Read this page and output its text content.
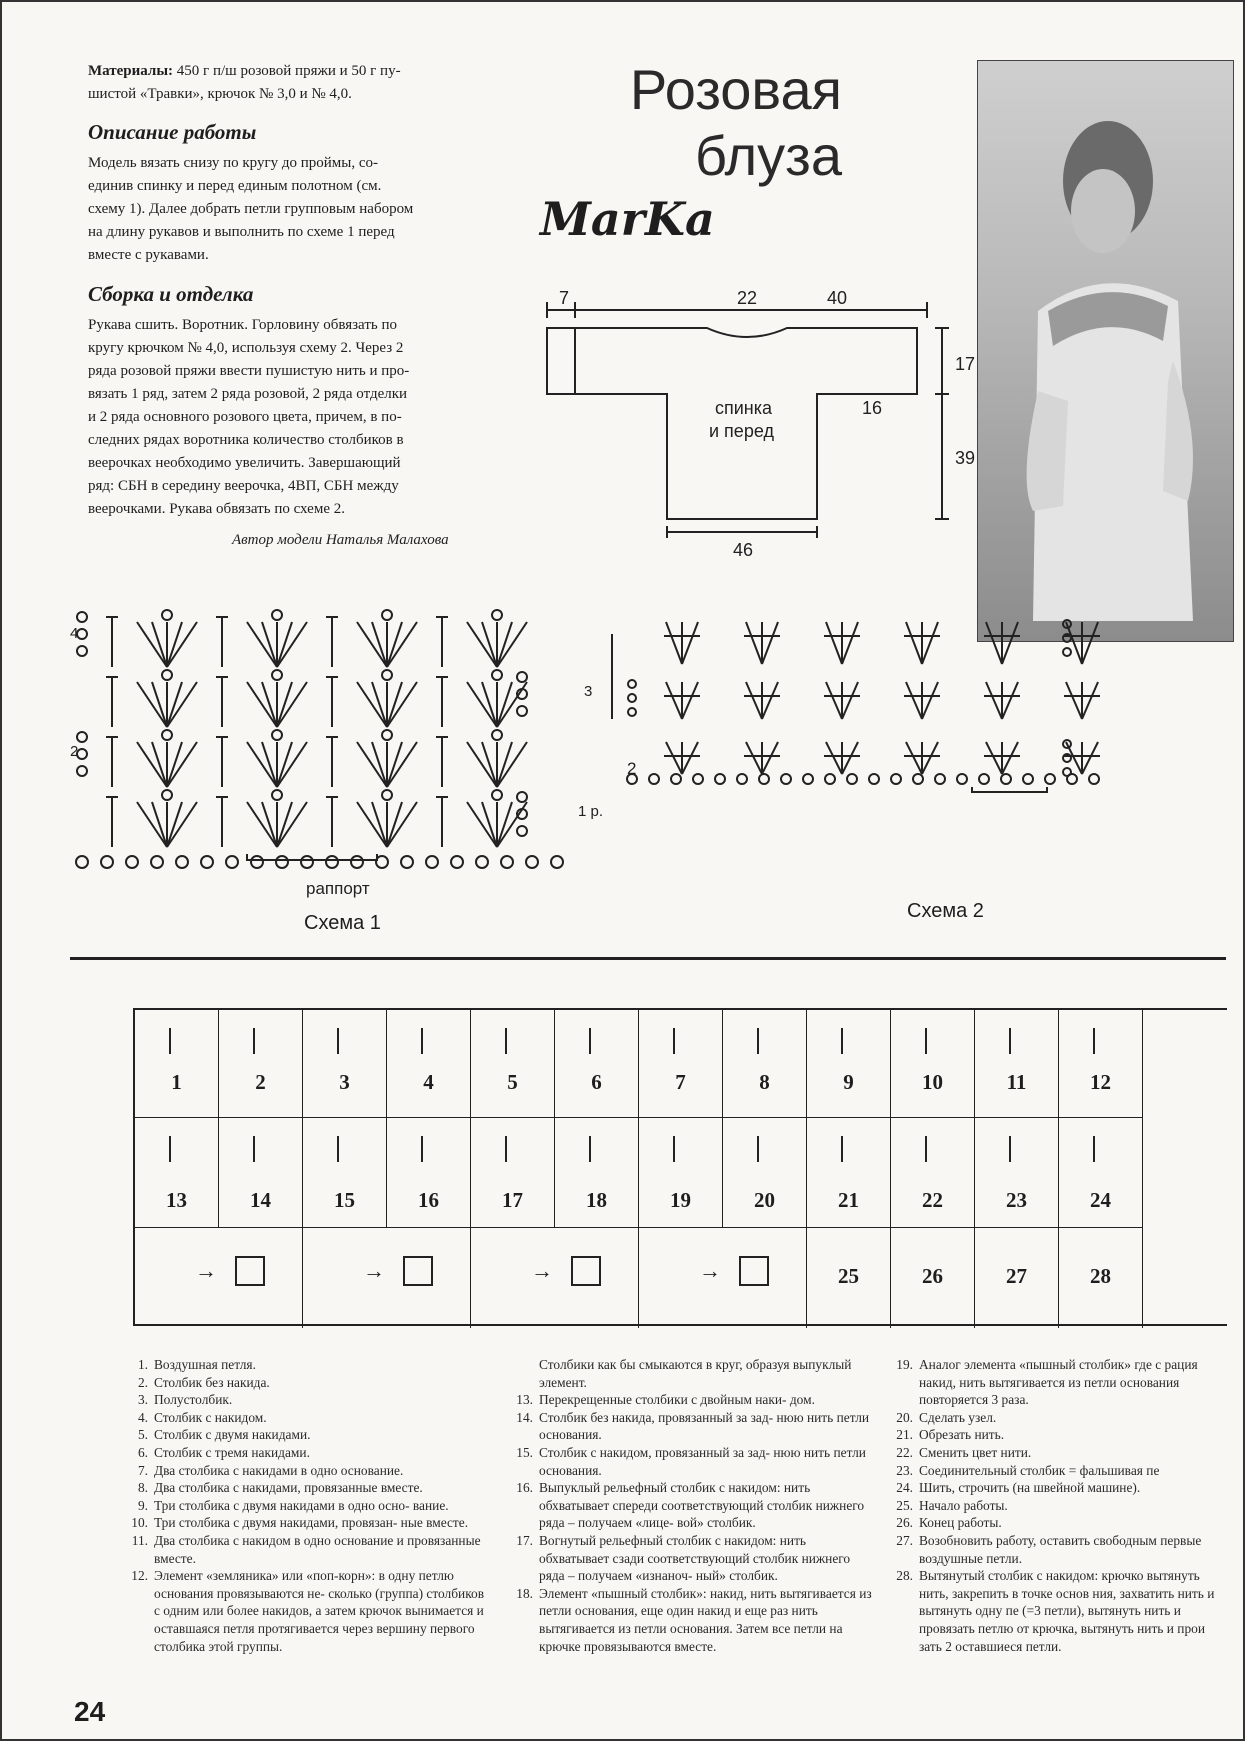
Материалы: 450 г п/ш розовой пряжи и 50 г пу-
шистой «Травки», крючок № 3,0 и № 4,0.
Описание работы
Модель вязать снизу по кругу до проймы, со-
единив спинку и перед единым полотном (см.
схему 1). Далее добрать петли групповым набором
на длину рукавов и выполнить по схеме 1 перед
вместе с рукавами.
Сборка и отделка
Рукава сшить. Воротник. Горловину обвязать по
кругу крючком № 4,0, используя схему 2. Через 2
ряда розовой пряжи ввести пушистую нить и про-
вязать 1 ряд, затем 2 ряда розовой, 2 ряда отделки
и 2 ряда основного розового цвета, причем, в по-
следних рядах воротника количество столбиков в
веерочках необходимо увеличить. Завершающий
ряд: СБН в середину веерочка, 4ВП, СБН между
веерочками. Рукава обвязать по схеме 2.
Автор модели Наталья Малахова
Розовая
блуза
MarKa
7	22	40
17
39
16
46
спинка
и перед
4
3
2
1 р.
раппорт
Схема 1
2
Схема 2
1	2	3	4	5	6	7	8	9	10	11	12
13	14	15	16	17	18	19	20	21	22	23	24
→	→	→	→	25	26	27	28
1. Воздушная петля.
2. Столбик без накида.
3. Полустолбик.
4. Столбик с накидом.
5. Столбик с двумя накидами.
6. Столбик с тремя накидами.
7. Два столбика с накидами в одно основание.
8. Два столбика с накидами, провязанные вместе.
9. Три столбика с двумя накидами в одно осно- вание.
10. Три столбика с двумя накидами, провязан- ные вместе.
11. Два столбика с накидом в одно основание и провязанные вместе.
12. Элемент «земляника» или «поп-корн»: в одну петлю основания провязываются не- сколько (группа) столбиков с одним или более накидов, а затем крючок вынимается и оставшаяся петля протягивается через вершину первого столбика этой группы.
Столбики как бы смыкаются в круг, образуя выпуклый элемент.
13. Перекрещенные столбики с двойным наки- дом.
14. Столбик без накида, провязанный за зад- нюю нить петли основания.
15. Столбик с накидом, провязанный за зад- нюю нить петли основания.
16. Выпуклый рельефный столбик с накидом: нить обхватывает спереди соответствующий столбик нижнего ряда – получаем «лице- вой» столбик.
17. Вогнутый рельефный столбик с накидом: нить обхватывает сзади соответствующий столбик нижнего ряда – получаем «изнаноч- ный» столбик.
18. Элемент «пышный столбик»: накид, нить вытягивается из петли основания, еще один накид и еще раз нить вытягивается из петли основания. Затем все петли на крючке провязываются вместе.
19. Аналог элемента «пышный столбик» где с рация накид, нить вытягивается из петли основания повторяется 3 раза.
20. Сделать узел.
21. Обрезать нить.
22. Сменить цвет нити.
23. Соединительный столбик = фальшивая пе
24. Шить, строчить (на швейной машине).
25. Начало работы.
26. Конец работы.
27. Возобновить работу, оставить свободным первые воздушные петли.
28. Вытянутый столбик с накидом: крючко вытянуть нить, закрепить в точке основ ния, захватить нить и вытянуть одну пе (=3 петли), вытянуть нить и провязать петлю от крючка, вытянуть нить и прои зать 2 оставшиеся петли.
24
